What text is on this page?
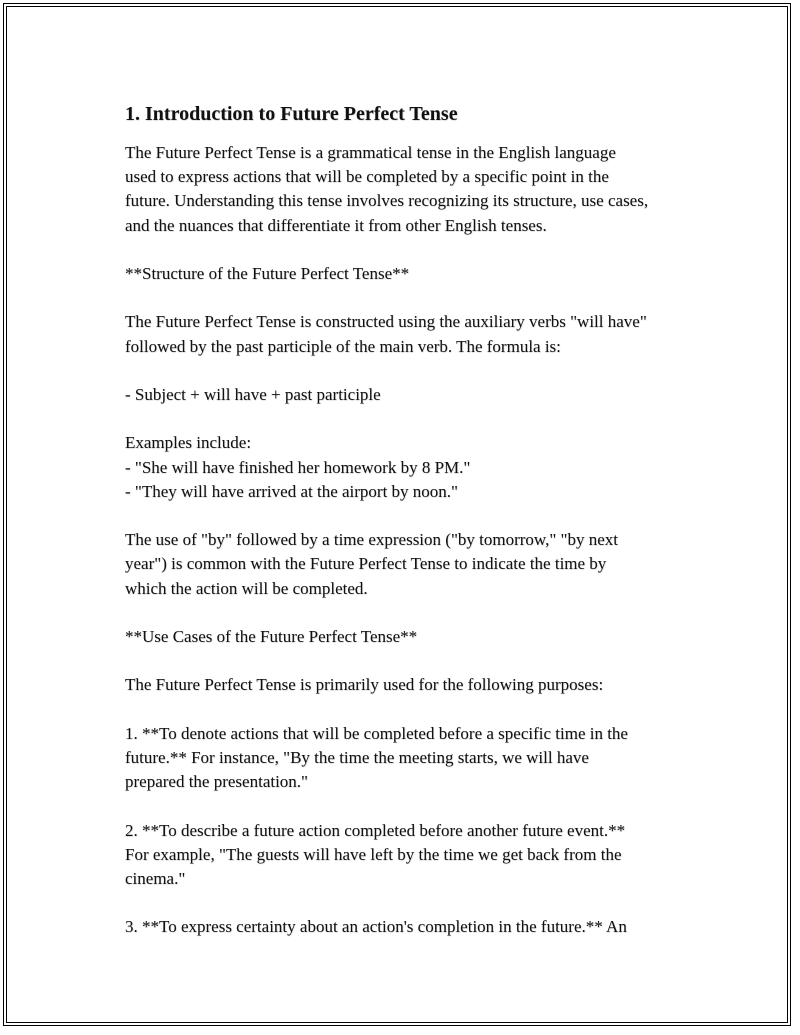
1. Introduction to Future Perfect Tense

The Future Perfect Tense is a grammatical tense in the English language
used to express actions that will be completed by a specific point in the
future. Understanding this tense involves recognizing its structure, use cases,
and the nuances that differentiate it from other English tenses.

**Structure of the Future Perfect Tense**

The Future Perfect Tense is constructed using the auxiliary verbs "will have"
followed by the past participle of the main verb. The formula is:

- Subject + will have + past participle

Examples include:
- "She will have finished her homework by 8 PM."
- "They will have arrived at the airport by noon."

The use of "by" followed by a time expression ("by tomorrow," "by next
year") is common with the Future Perfect Tense to indicate the time by
which the action will be completed.

**Use Cases of the Future Perfect Tense**

The Future Perfect Tense is primarily used for the following purposes:

1. **To denote actions that will be completed before a specific time in the
future.** For instance, "By the time the meeting starts, we will have
prepared the presentation."

2. **To describe a future action completed before another future event.**
For example, "The guests will have left by the time we get back from the
cinema."

3. **To express certainty about an action's completion in the future.** An
